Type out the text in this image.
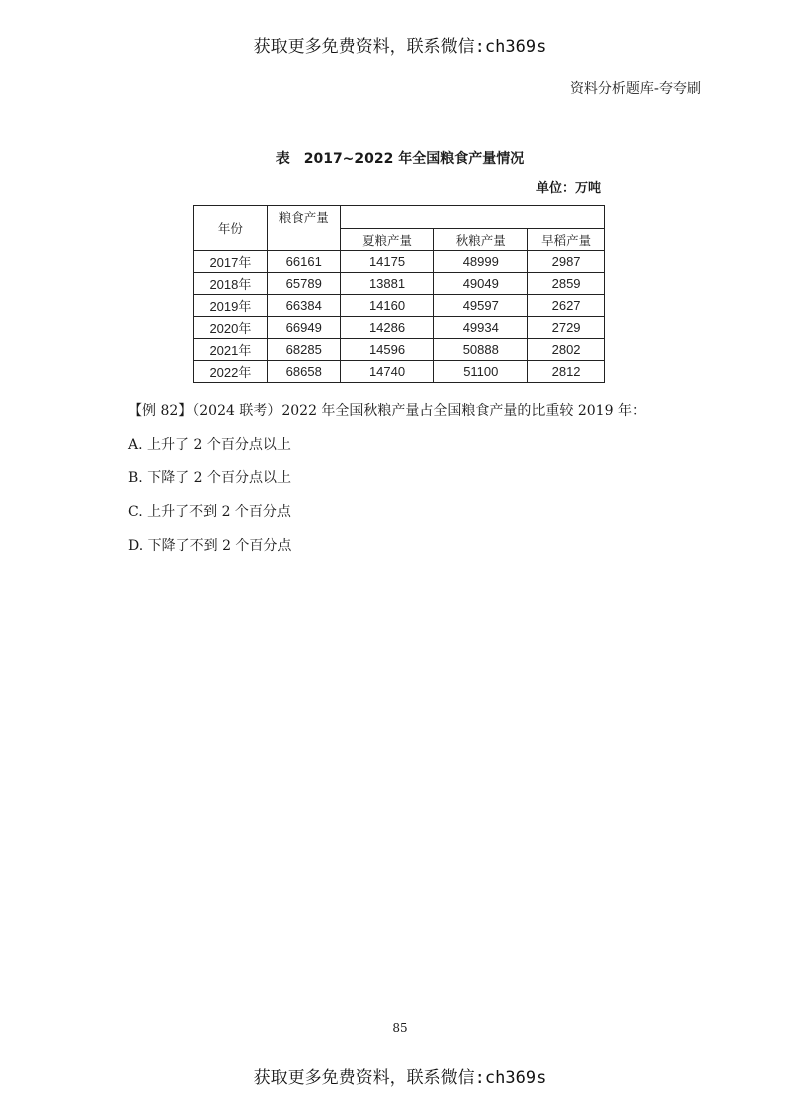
获取更多免费资料，联系微信:ch369s
资料分析题库-夸夸刷
表 2017~2022 年全国粮食产量情况
单位：万吨
年份	粮食产量			
		夏粮产量	秋粮产量	早稻产量
2017年	66161	14175	48999	2987
2018年	65789	13881	49049	2859
2019年	66384	14160	49597	2627
2020年	66949	14286	49934	2729
2021年	68285	14596	50888	2802
2022年	68658	14740	51100	2812
【例 82】（2024 联考）2022 年全国秋粮产量占全国粮食产量的比重较 2019 年：
A. 上升了 2 个百分点以上
B. 下降了 2 个百分点以上
C. 上升了不到 2 个百分点
D. 下降了不到 2 个百分点
85
获取更多免费资料，联系微信:ch369s
